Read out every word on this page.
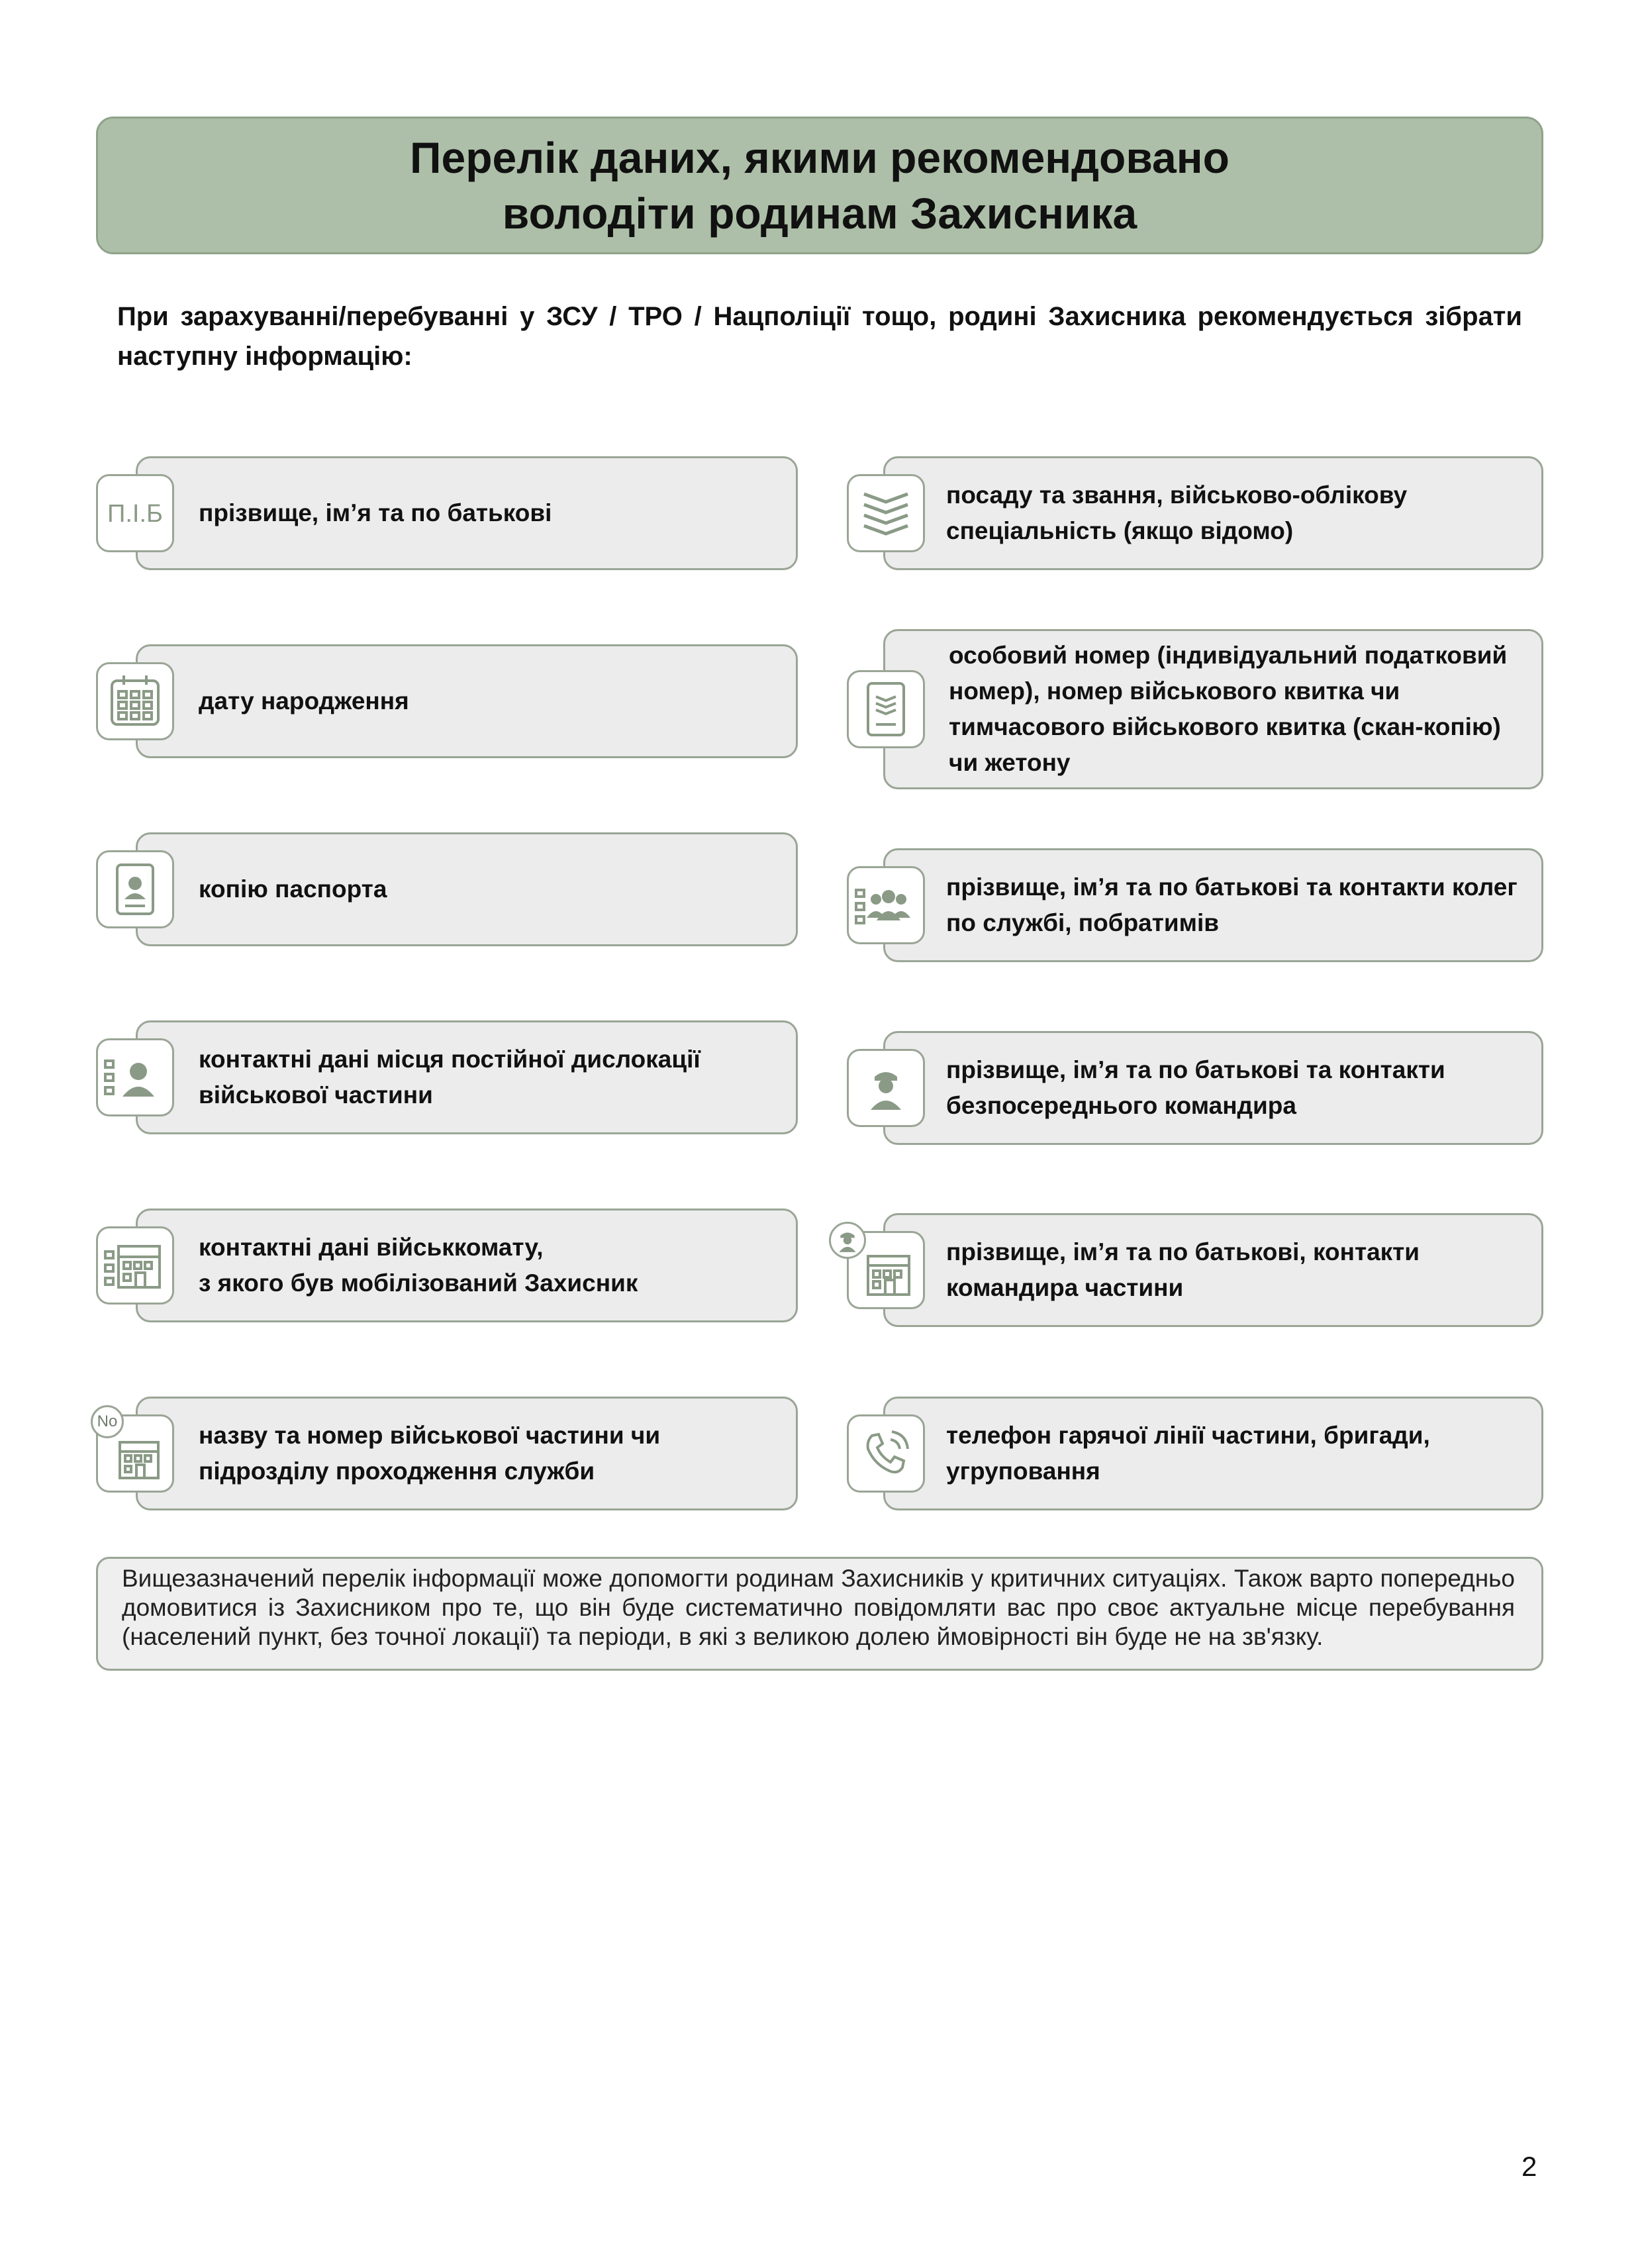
Перелік даних, якими рекомендовано
володіти родинам Захисника
При зарахуванні/перебуванні у ЗСУ / ТРО / Нацполіції тощо, родині Захисника рекомендується зібрати наступну інформацію:
прізвище, ім’я та по батькові
П.І.Б
дату народження
копію паспорта
контактні дані місця постійної дислокації військової частини
контактні дані військкомату,
з якого був мобілізований Захисник
назву та номер військової частини чи підрозділу проходження служби
No
посаду та звання, військово-облікову спеціальність (якщо відомо)
особовий номер (індивідуальний податковий номер), номер військового квитка чи тимчасового військового квитка (скан-копію) чи жетону
прізвище, ім’я та по батькові та контакти колег по службі, побратимів
прізвище, ім’я та по батькові та контакти безпосереднього командира
прізвище, ім’я та по батькові, контакти командира частини
телефон гарячої лінії частини, бригади, угруповання
Вищезазначений перелік інформації може допомогти родинам Захисників у критичних ситуаціях. Також варто попередньо домовитися із Захисником про те, що він буде систематично повідомляти вас про своє актуальне місце перебування (населений пункт, без точної локації) та періоди, в які з великою долею ймовірності він буде не на зв'язку.
2
